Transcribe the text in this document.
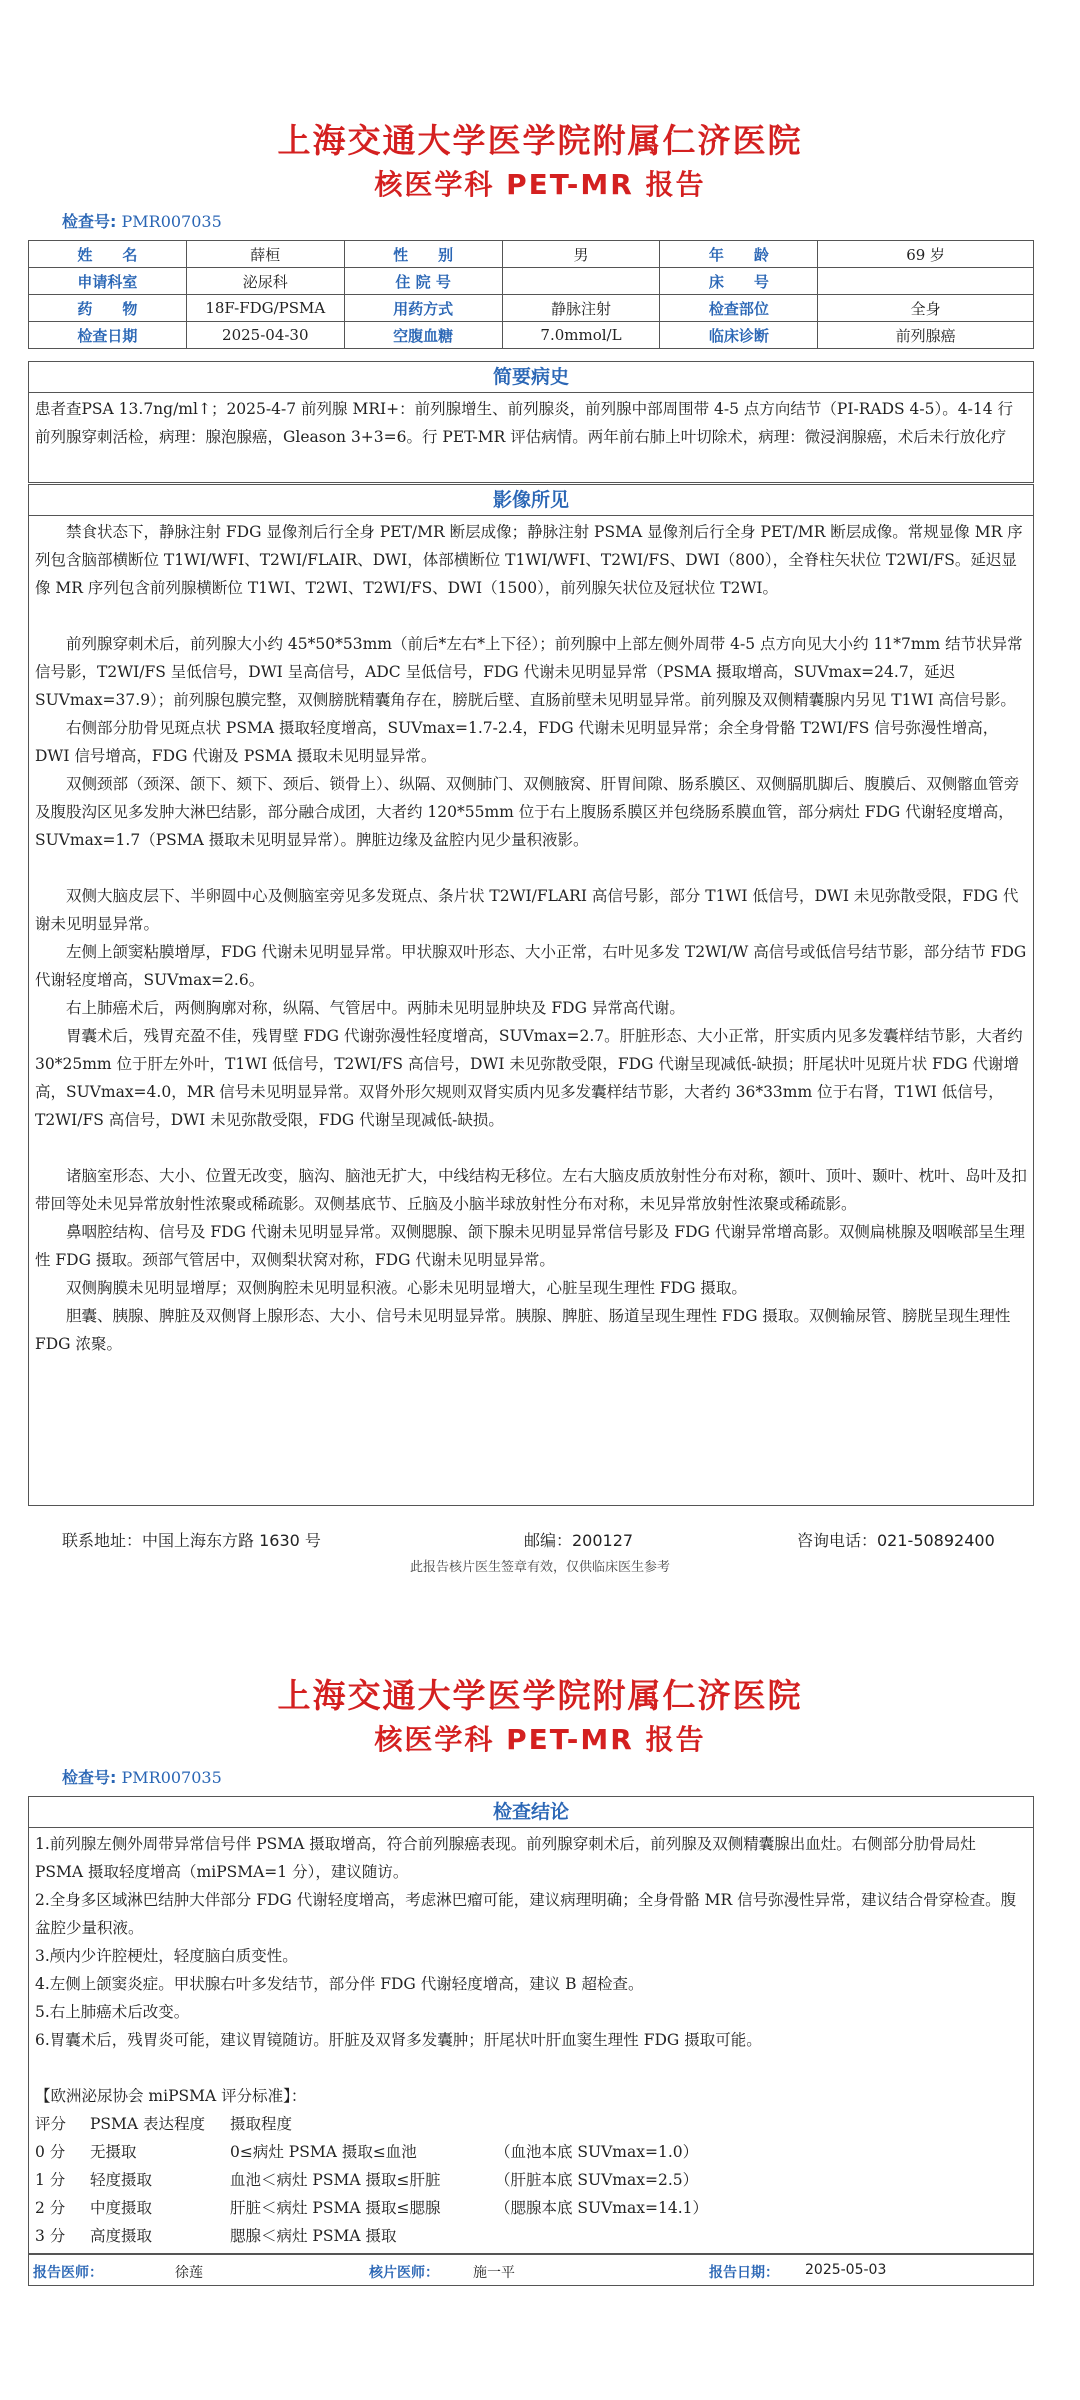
上海交通大学医学院附属仁济医院
核医学科 PET-MR 报告
检查号: PMR007035
姓　　名	薛桓	性　　别	男	年　　龄	69 岁
申请科室	泌尿科	住 院 号		床　　号	
药　　物	18F-FDG/PSMA	用药方式	静脉注射	检查部位	全身
检查日期	2025-04-30	空腹血糖	7.0mmol/L	临床诊断	前列腺癌
简要病史

患者查PSA 13.7ng/ml↑；2025-4-7 前列腺 MRI+：前列腺增生、前列腺炎，前列腺中部周围带 4-5 点方向结节（PI-RADS 4-5）。4-14 行前列腺穿刺活检，病理：腺泡腺癌，Gleason 3+3=6。行 PET-MR 评估病情。两年前右肺上叶切除术，病理：微浸润腺癌，术后未行放化疗

影像所见

禁食状态下，静脉注射 FDG 显像剂后行全身 PET/MR 断层成像；静脉注射 PSMA 显像剂后行全身 PET/MR 断层成像。常规显像 MR 序列包含脑部横断位 T1WI/WFI、T2WI/FLAIR、DWI，体部横断位 T1WI/WFI、T2WI/FS、DWI（800），全脊柱矢状位 T2WI/FS。延迟显像 MR 序列包含前列腺横断位 T1WI、T2WI、T2WI/FS、DWI（1500），前列腺矢状位及冠状位 T2WI。

前列腺穿刺术后，前列腺大小约 45*50*53mm（前后*左右*上下径）；前列腺中上部左侧外周带 4-5 点方向见大小约 11*7mm 结节状异常信号影，T2WI/FS 呈低信号，DWI 呈高信号，ADC 呈低信号，FDG 代谢未见明显异常（PSMA 摄取增高，SUVmax=24.7，延迟 SUVmax=37.9）；前列腺包膜完整，双侧膀胱精囊角存在，膀胱后壁、直肠前壁未见明显异常。前列腺及双侧精囊腺内另见 T1WI 高信号影。

右侧部分肋骨见斑点状 PSMA 摄取轻度增高，SUVmax=1.7-2.4，FDG 代谢未见明显异常；余全身骨骼 T2WI/FS 信号弥漫性增高，DWI 信号增高，FDG 代谢及 PSMA 摄取未见明显异常。

双侧颈部（颈深、颌下、颏下、颈后、锁骨上）、纵隔、双侧肺门、双侧腋窝、肝胃间隙、肠系膜区、双侧膈肌脚后、腹膜后、双侧髂血管旁及腹股沟区见多发肿大淋巴结影，部分融合成团，大者约 120*55mm 位于右上腹肠系膜区并包绕肠系膜血管，部分病灶 FDG 代谢轻度增高，SUVmax=1.7（PSMA 摄取未见明显异常）。脾脏边缘及盆腔内见少量积液影。

双侧大脑皮层下、半卵圆中心及侧脑室旁见多发斑点、条片状 T2WI/FLARI 高信号影，部分 T1WI 低信号，DWI 未见弥散受限，FDG 代谢未见明显异常。

左侧上颌窦粘膜增厚，FDG 代谢未见明显异常。甲状腺双叶形态、大小正常，右叶见多发 T2WI/W 高信号或低信号结节影，部分结节 FDG 代谢轻度增高，SUVmax=2.6。

右上肺癌术后，两侧胸廓对称，纵隔、气管居中。两肺未见明显肿块及 FDG 异常高代谢。

胃囊术后，残胃充盈不佳，残胃壁 FDG 代谢弥漫性轻度增高，SUVmax=2.7。肝脏形态、大小正常，肝实质内见多发囊样结节影，大者约 30*25mm 位于肝左外叶，T1WI 低信号，T2WI/FS 高信号，DWI 未见弥散受限，FDG 代谢呈现减低-缺损；肝尾状叶见斑片状 FDG 代谢增高，SUVmax=4.0，MR 信号未见明显异常。双肾外形欠规则双肾实质内见多发囊样结节影，大者约 36*33mm 位于右肾，T1WI 低信号，T2WI/FS 高信号，DWI 未见弥散受限，FDG 代谢呈现减低-缺损。

诸脑室形态、大小、位置无改变，脑沟、脑池无扩大，中线结构无移位。左右大脑皮质放射性分布对称，额叶、顶叶、颞叶、枕叶、岛叶及扣带回等处未见异常放射性浓聚或稀疏影。双侧基底节、丘脑及小脑半球放射性分布对称，未见异常放射性浓聚或稀疏影。

鼻咽腔结构、信号及 FDG 代谢未见明显异常。双侧腮腺、颌下腺未见明显异常信号影及 FDG 代谢异常增高影。双侧扁桃腺及咽喉部呈生理性 FDG 摄取。颈部气管居中，双侧梨状窝对称，FDG 代谢未见明显异常。

双侧胸膜未见明显增厚；双侧胸腔未见明显积液。心影未见明显增大，心脏呈现生理性 FDG 摄取。

胆囊、胰腺、脾脏及双侧肾上腺形态、大小、信号未见明显异常。胰腺、脾脏、肠道呈现生理性 FDG 摄取。双侧输尿管、膀胱呈现生理性 FDG 浓聚。

联系地址：中国上海东方路 1630 号	邮编：200127	咨询电话：021-50892400
此报告核片医生签章有效，仅供临床医生参考
上海交通大学医学院附属仁济医院
核医学科 PET-MR 报告
检查号: PMR007035
检查结论

1.前列腺左侧外周带异常信号伴 PSMA 摄取增高，符合前列腺癌表现。前列腺穿刺术后，前列腺及双侧精囊腺出血灶。右侧部分肋骨局灶 PSMA 摄取轻度增高（miPSMA=1 分），建议随访。

2.全身多区域淋巴结肿大伴部分 FDG 代谢轻度增高，考虑淋巴瘤可能，建议病理明确；全身骨骼 MR 信号弥漫性异常，建议结合骨穿检查。腹盆腔少量积液。

3.颅内少许腔梗灶，轻度脑白质变性。

4.左侧上颌窦炎症。甲状腺右叶多发结节，部分伴 FDG 代谢轻度增高，建议 B 超检查。

5.右上肺癌术后改变。

6.胃囊术后，残胃炎可能，建议胃镜随访。肝脏及双肾多发囊肿；肝尾状叶肝血窦生理性 FDG 摄取可能。

【欧洲泌尿协会 miPSMA 评分标准】：

评分	PSMA 表达程度	摄取程度
0 分	无摄取	0≤病灶 PSMA 摄取≤血池	（血池本底 SUVmax=1.0）
1 分	轻度摄取	血池＜病灶 PSMA 摄取≤肝脏	（肝脏本底 SUVmax=2.5）
2 分	中度摄取	肝脏＜病灶 PSMA 摄取≤腮腺	（腮腺本底 SUVmax=14.1）
3 分	高度摄取	腮腺＜病灶 PSMA 摄取
报告医师：	徐莲	核片医师： 施一平	报告日期： 2025-05-03
